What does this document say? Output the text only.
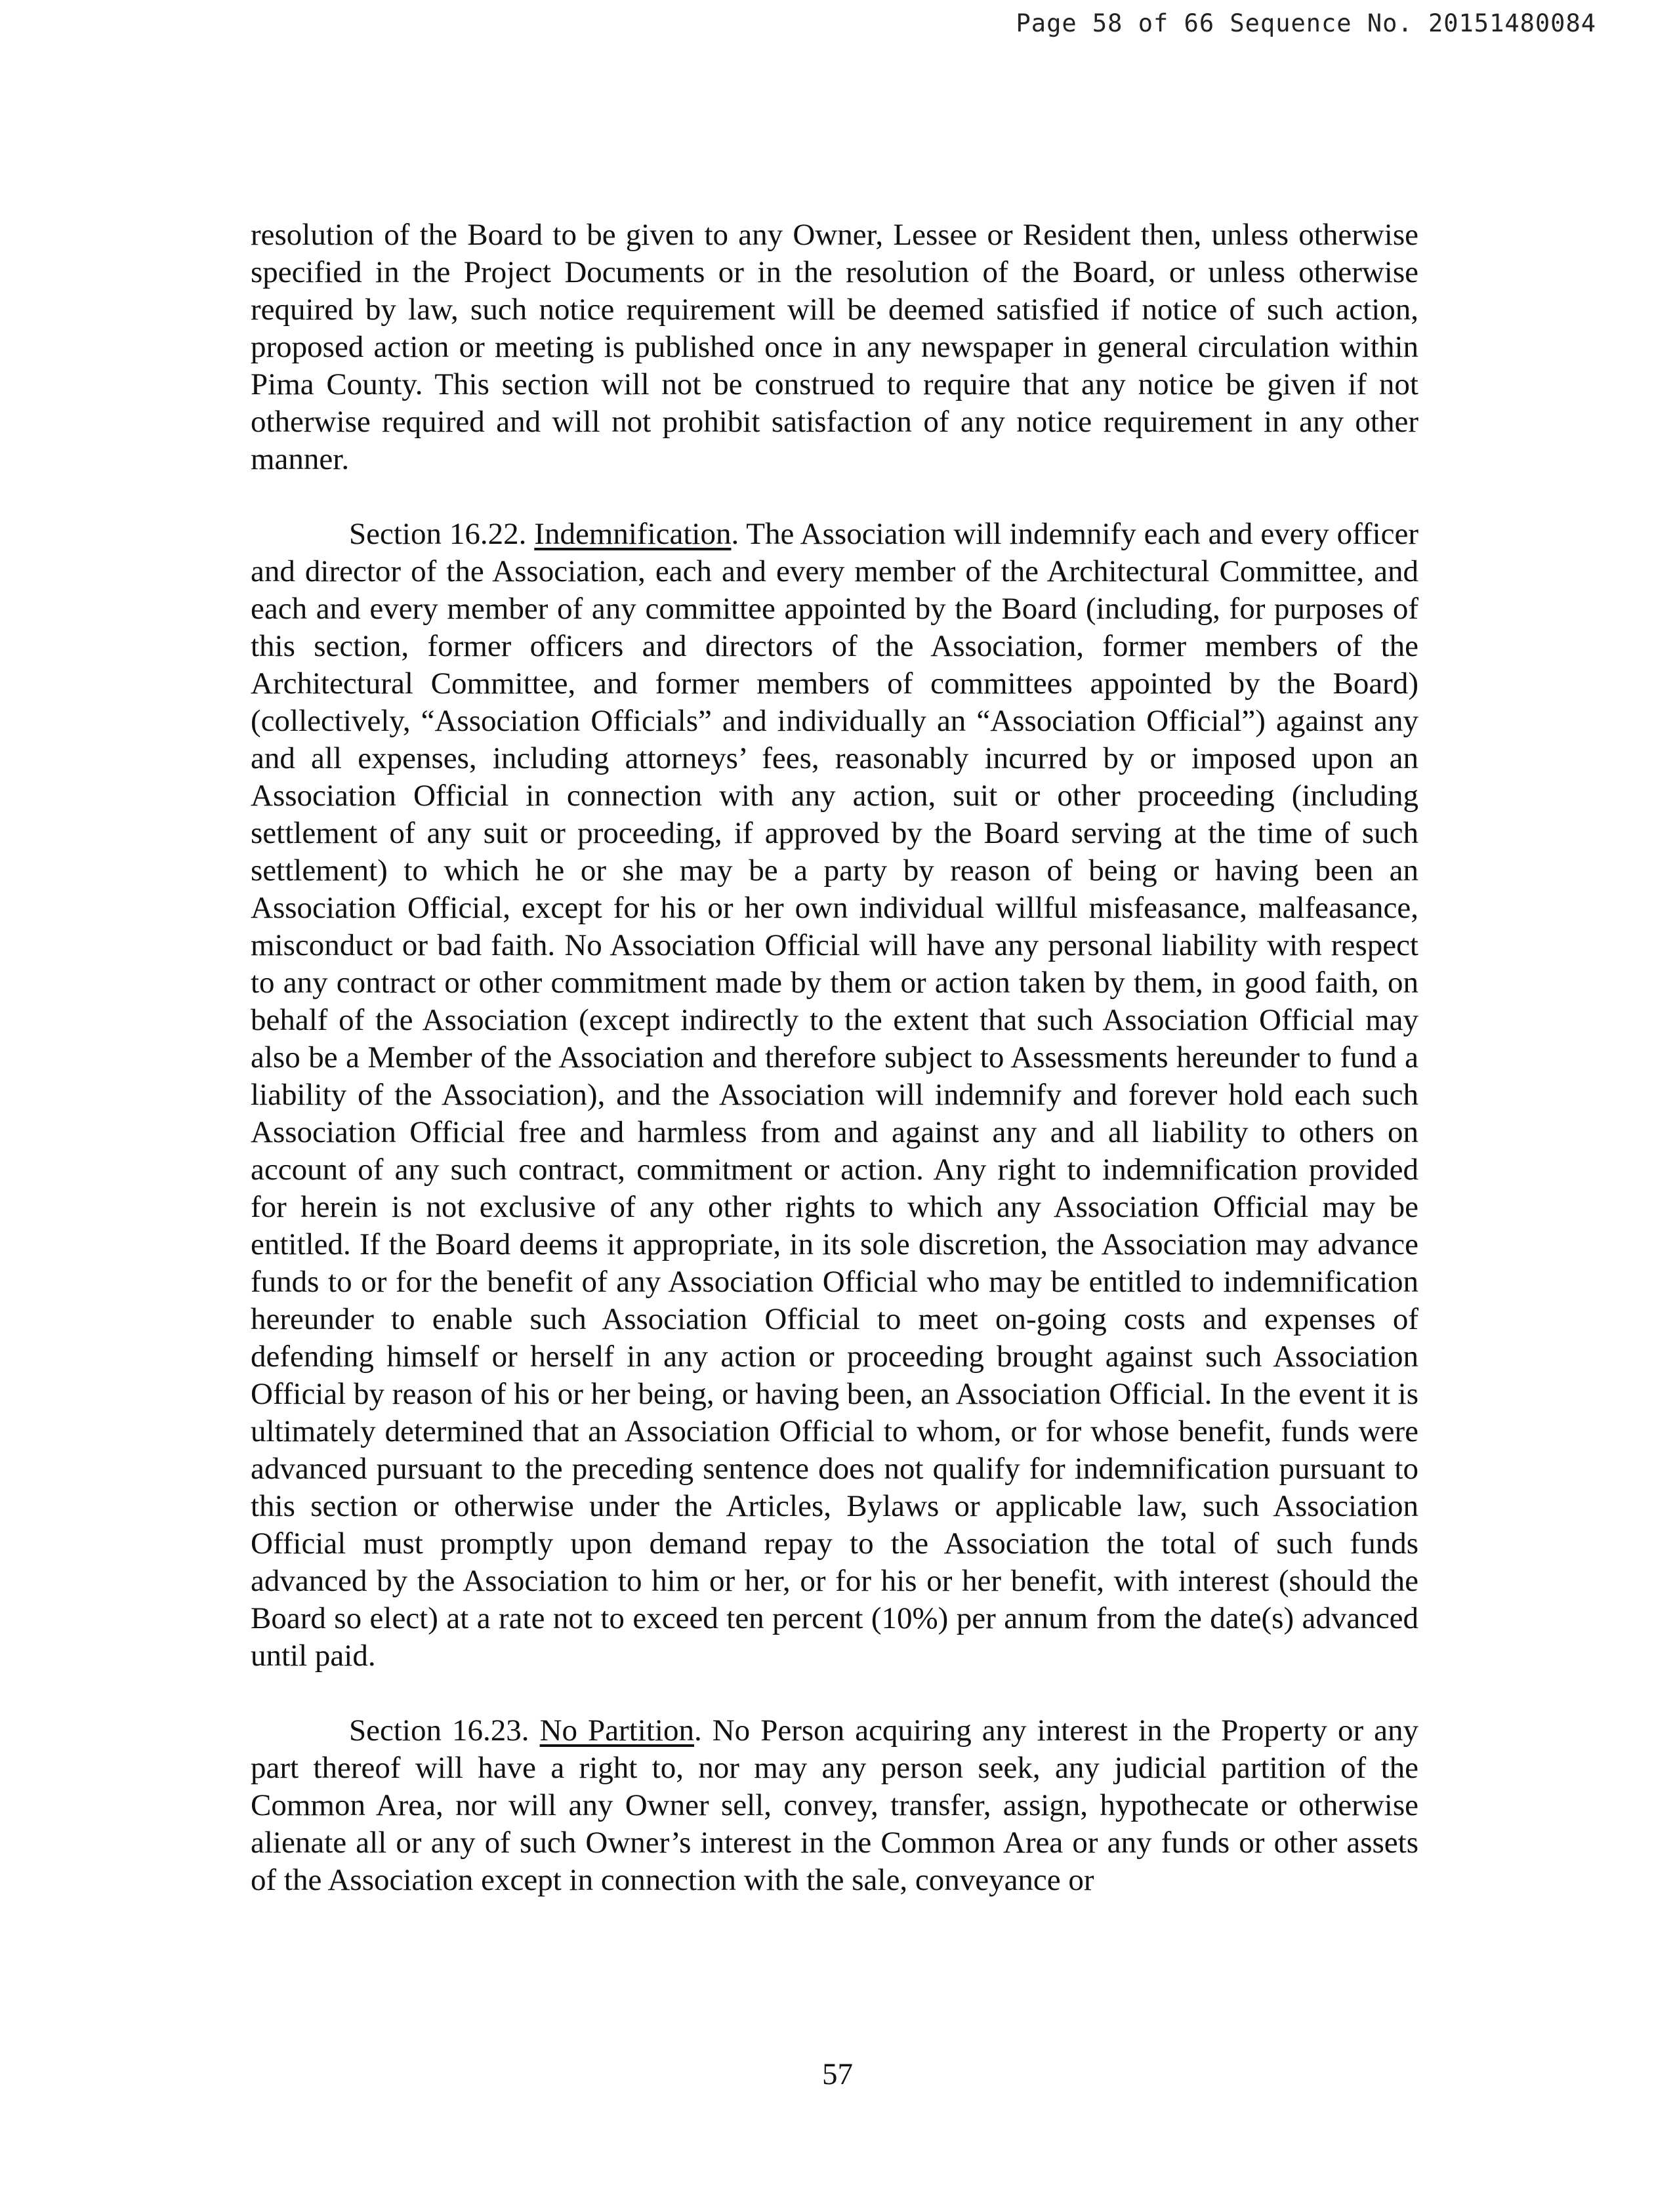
Page 58 of 66 Sequence No. 20151480084

resolution of the Board to be given to any Owner, Lessee or Resident then, unless otherwise specified in the Project Documents or in the resolution of the Board, or unless otherwise required by law, such notice requirement will be deemed satisfied if notice of such action, proposed action or meeting is published once in any newspaper in general circulation within Pima County. This section will not be construed to require that any notice be given if not otherwise required and will not prohibit satisfaction of any notice requirement in any other manner.

Section 16.22. Indemnification. The Association will indemnify each and every officer and director of the Association, each and every member of the Architectural Committee, and each and every member of any committee appointed by the Board (including, for purposes of this section, former officers and directors of the Association, former members of the Architectural Committee, and former members of committees appointed by the Board) (collectively, “Association Officials” and individually an “Association Official”) against any and all expenses, including attorneys’ fees, reasonably incurred by or imposed upon an Association Official in connection with any action, suit or other proceeding (including settlement of any suit or proceeding, if approved by the Board serving at the time of such settlement) to which he or she may be a party by reason of being or having been an Association Official, except for his or her own individual willful misfeasance, malfeasance, misconduct or bad faith. No Association Official will have any personal liability with respect to any contract or other commitment made by them or action taken by them, in good faith, on behalf of the Association (except indirectly to the extent that such Association Official may also be a Member of the Association and therefore subject to Assessments hereunder to fund a liability of the Association), and the Association will indemnify and forever hold each such Association Official free and harmless from and against any and all liability to others on account of any such contract, commitment or action. Any right to indemnification provided for herein is not exclusive of any other rights to which any Association Official may be entitled. If the Board deems it appropriate, in its sole discretion, the Association may advance funds to or for the benefit of any Association Official who may be entitled to indemnification hereunder to enable such Association Official to meet on-going costs and expenses of defending himself or herself in any action or proceeding brought against such Association Official by reason of his or her being, or having been, an Association Official. In the event it is ultimately determined that an Association Official to whom, or for whose benefit, funds were advanced pursuant to the preceding sentence does not qualify for indemnification pursuant to this section or otherwise under the Articles, Bylaws or applicable law, such Association Official must promptly upon demand repay to the Association the total of such funds advanced by the Association to him or her, or for his or her benefit, with interest (should the Board so elect) at a rate not to exceed ten percent (10%) per annum from the date(s) advanced until paid.

Section 16.23. No Partition. No Person acquiring any interest in the Property or any part thereof will have a right to, nor may any person seek, any judicial partition of the Common Area, nor will any Owner sell, convey, transfer, assign, hypothecate or otherwise alienate all or any of such Owner’s interest in the Common Area or any funds or other assets of the Association except in connection with the sale, conveyance or

57
